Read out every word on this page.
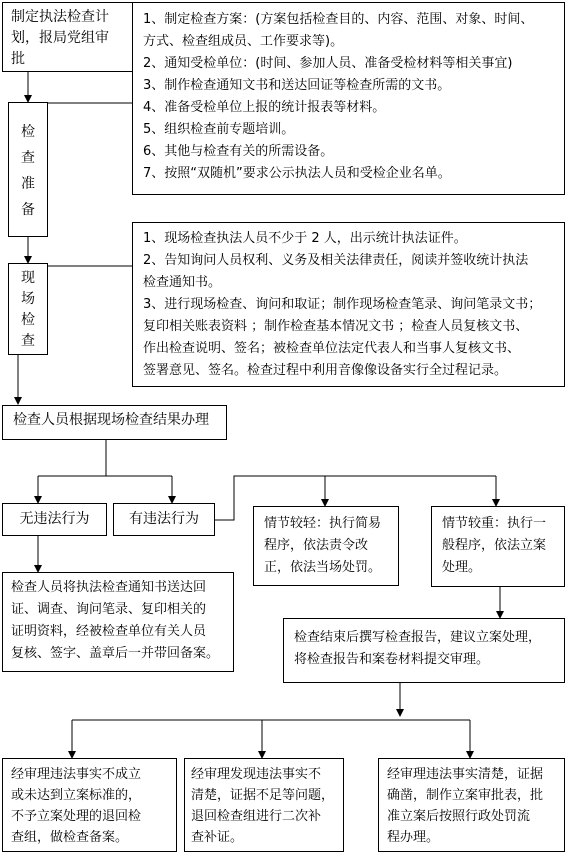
制定执法检查计
划，报局党组审
批
检
查
准
备
1、制定检查方案：(方案包括检查目的、内容、范围、对象、时间、
方式、检查组成员、工作要求等)。
2、通知受检单位：(时间、参加人员、准备受检材料等相关事宜)
3、制作检查通知文书和送达回证等检查所需的文书。
4、准备受检单位上报的统计报表等材料。
5、组织检查前专题培训。
6、其他与检查有关的所需设备。
7、按照“双随机”要求公示执法人员和受检企业名单。
现
场
检
查
1、现场检查执法人员不少于 2 人，出示统计执法证件。
2、告知询问人员权利、义务及相关法律责任，阅读并签收统计执法
检查通知书。
3、进行现场检查、询问和取证；制作现场检查笔录、询问笔录文书；
复印相关账表资料 ；制作检查基本情况文书 ；检查人员复核文书、
作出检查说明、签名；被检查单位法定代表人和当事人复核文书、
签署意见、签名。检查过程中利用音像像设备实行全过程记录。
检查人员根据现场检查结果办理
无违法行为	有违法行为
检查人员将执法检查通知书送达回
证、调查、询问笔录、复印相关的
证明资料，经被检查单位有关人员
复核、签字、盖章后一并带回备案。
情节较轻：执行简易
程序，依法责令改
正，依法当场处罚。
情节较重：执行一
般程序，依法立案
处理。
检查结束后撰写检查报告，建议立案处理，
将检查报告和案卷材料提交审理。
经审理违法事实不成立
或未达到立案标准的，
不予立案处理的退回检
查组，做检查备案。
经审理发现违法事实不
清楚，证据不足等问题，
退回检查组进行二次补
查补证。
经审理违法事实清楚，证据
确凿，制作立案审批表，批
准立案后按照行政处罚流
程办理。
